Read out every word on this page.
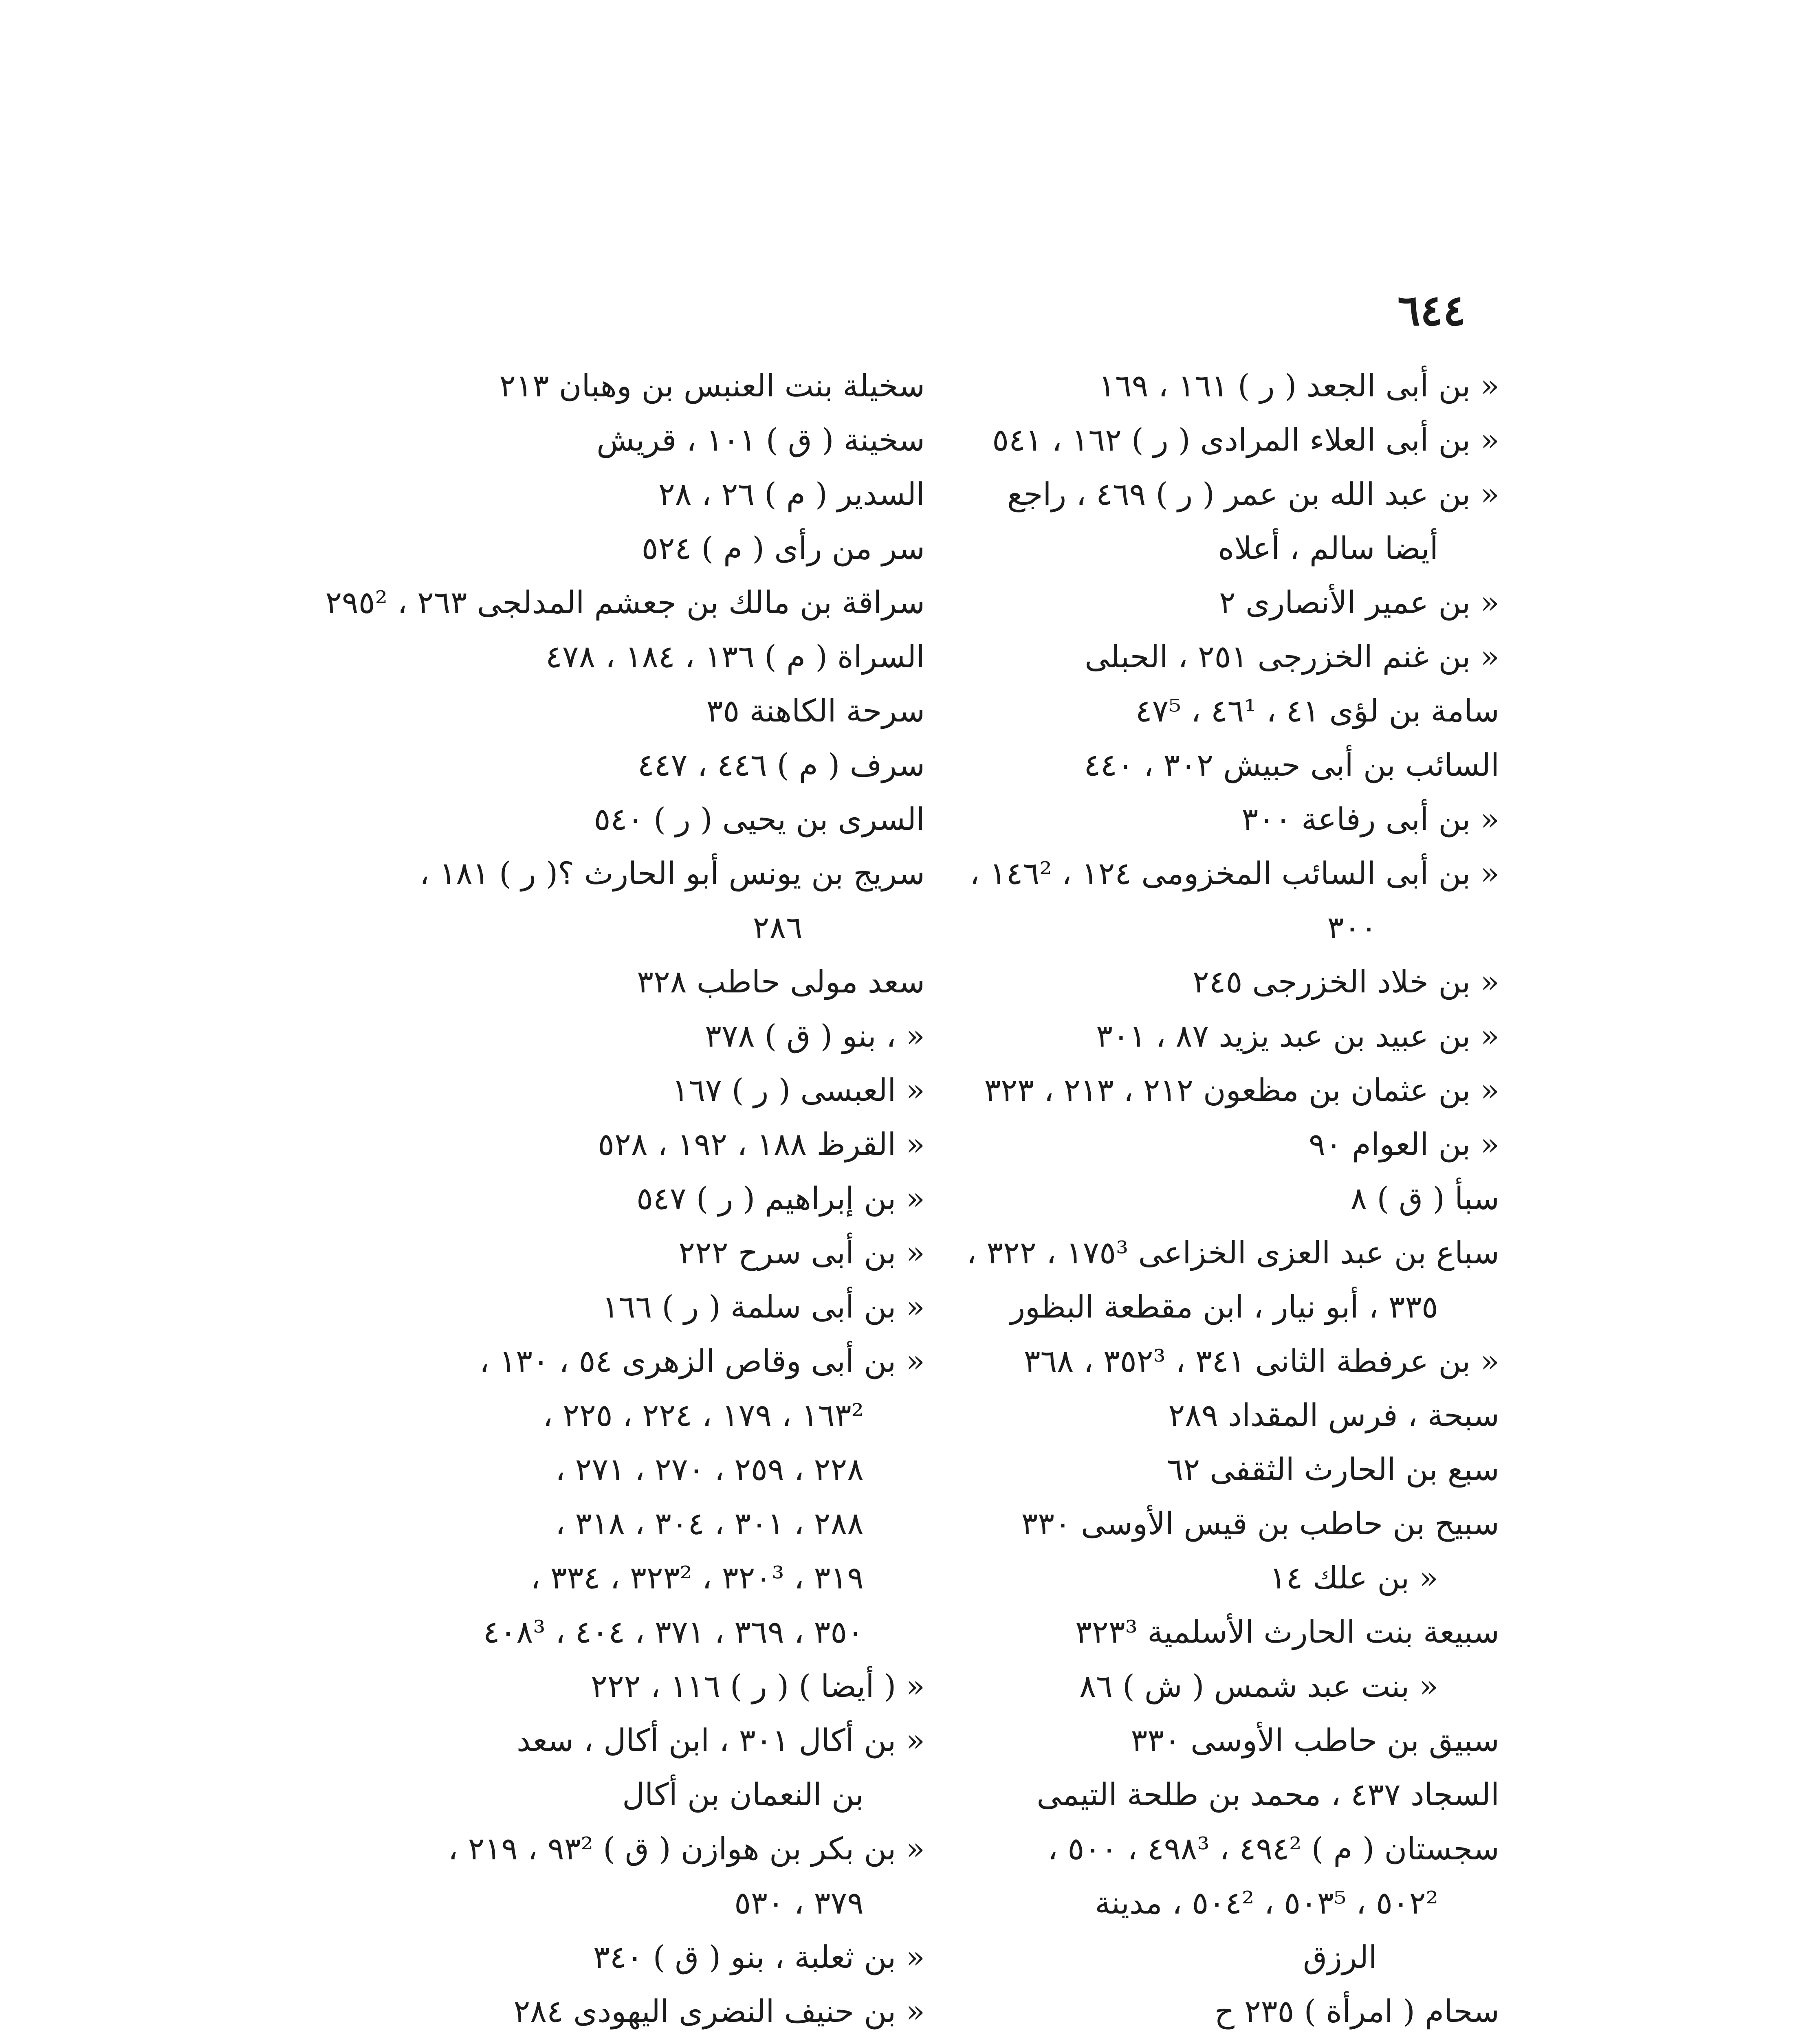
٦٤٤
« بن أبى الجعد ( ر ) ١٦١ ، ١٦٩
« بن أبى العلاء المرادى ( ر ) ١٦٢ ، ٥٤١
« بن عبد الله بن عمر ( ر ) ٤٦٩ ، راجع
أيضا سالم ، أعلاه
« بن عمير الأنصارى ٢
« بن غنم الخزرجى ٢٥١ ، الحبلى
سامة بن لؤى ٤١ ، ٤٦¹ ، ٤٧⁵
السائب بن أبى حبيش ٣٠٢ ، ٤٤٠
« بن أبى رفاعة ٣٠٠
« بن أبى السائب المخزومى ١٢٤ ، ١٤٦² ،
٣٠٠
« بن خلاد الخزرجى ٢٤٥
« بن عبيد بن عبد يزيد ٨٧ ، ٣٠١
« بن عثمان بن مظعون ٢١٢ ، ٢١٣ ، ٣٢٣
« بن العوام ٩٠
سبأ ( ق ) ٨
سباع بن عبد العزى الخزاعى ١٧٥³ ، ٣٢٢ ،
٣٣٥ ، أبو نيار ، ابن مقطعة البظور
« بن عرفطة الثانى ٣٤١ ، ٣٥٢³ ، ٣٦٨
سبحة ، فرس المقداد ٢٨٩
سبع بن الحارث الثقفى ٦٢
سبيح بن حاطب بن قيس الأوسى ٣٣٠
« بن علك ١٤
سبيعة بنت الحارث الأسلمية ٣٢٣³
« بنت عبد شمس ( ش ) ٨٦
سبيق بن حاطب الأوسى ٣٣٠
السجاد ٤٣٧ ، محمد بن طلحة التيمى
سجستان ( م ) ٤٩٤² ، ٤٩٨³ ، ٥٠٠ ،
٥٠٢² ، ٥٠٣⁵ ، ٥٠٤² ، مدينة
الرزق
سحام ( امرأة ) ٢٣٥ ح
سخيلة بنت العنبس بن وهبان ٢١٣
سخينة ( ق ) ١٠١ ، قريش
السدير ( م ) ٢٦ ، ٢٨
سر من رأى ( م ) ٥٢٤
سراقة بن مالك بن جعشم المدلجى ٢٦٣ ، ٢٩٥²
السراة ( م ) ١٣٦ ، ١٨٤ ، ٤٧٨
سرحة الكاهنة ٣٥
سرف ( م ) ٤٤٦ ، ٤٤٧
السرى بن يحيى ( ر ) ٥٤٠
سريج بن يونس أبو الحارث ؟( ر ) ١٨١ ،
٢٨٦
سعد مولى حاطب ٣٢٨
« ، بنو ( ق ) ٣٧٨
« العبسى ( ر ) ١٦٧
« القرظ ١٨٨ ، ١٩٢ ، ٥٢٨
« بن إبراهيم ( ر ) ٥٤٧
« بن أبى سرح ٢٢٢
« بن أبى سلمة ( ر ) ١٦٦
« بن أبى وقاص الزهرى ٥٤ ، ١٣٠ ،
١٦٣² ، ١٧٩ ، ٢٢٤ ، ٢٢٥ ،
٢٢٨ ، ٢٥٩ ، ٢٧٠ ، ٢٧١ ،
٢٨٨ ، ٣٠١ ، ٣٠٤ ، ٣١٨ ،
٣١٩ ، ٣٢٠³ ، ٣٢٣² ، ٣٣٤ ،
٣٥٠ ، ٣٦٩ ، ٣٧١ ، ٤٠٤ ، ٤٠٨³
« ( أيضا ) ( ر ) ١١٦ ، ٢٢٢
« بن أكال ٣٠١ ، ابن أكال ، سعد
بن النعمان بن أكال
« بن بكر بن هوازن ( ق ) ٩٣² ، ٢١٩ ،
٣٧٩ ، ٥٣٠
« بن ثعلبة ، بنو ( ق ) ٣٤٠
« بن حنيف النضرى اليهودى ٢٨٤
